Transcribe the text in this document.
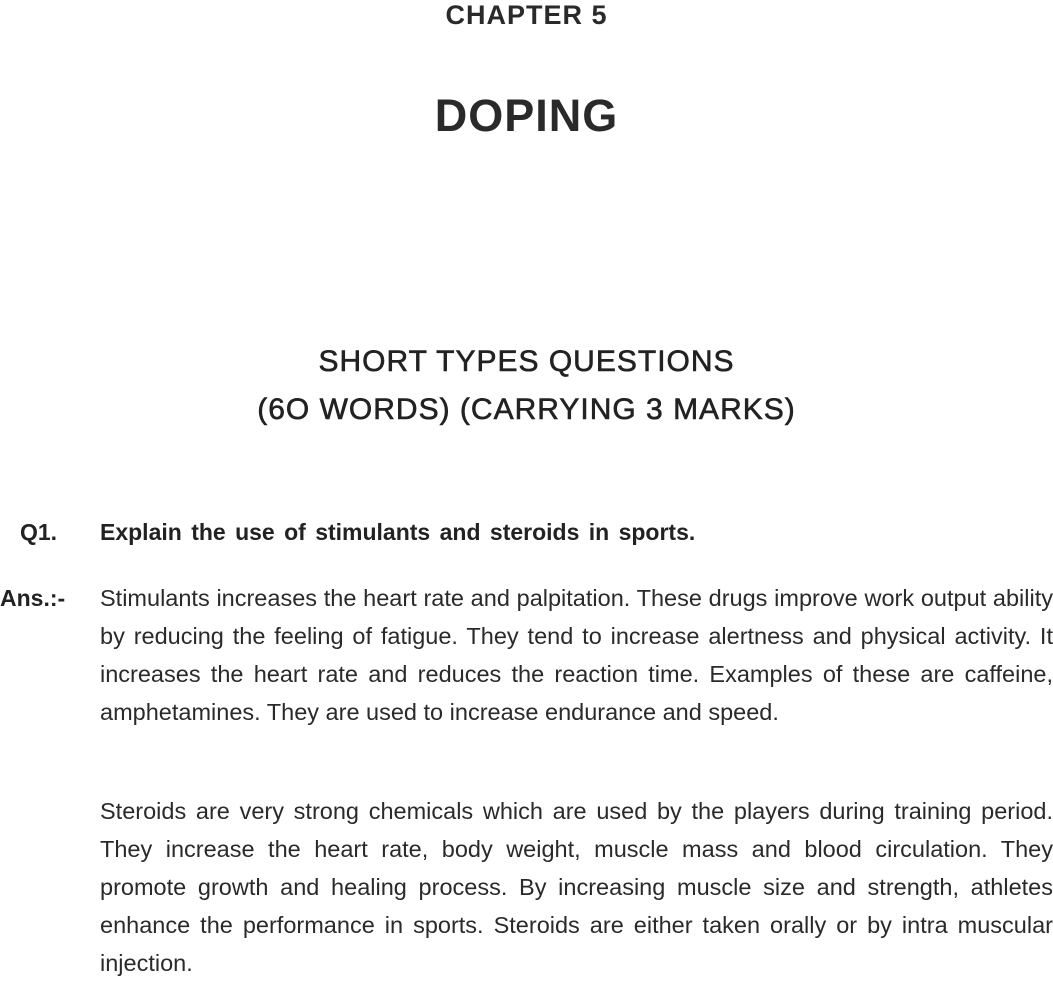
CHAPTER 5
DOPING
SHORT TYPES QUESTIONS
(6O WORDS) (CARRYING 3 MARKS)
Q1. Explain the use of stimulants and steroids in sports.
Ans.:- Stimulants increases the heart rate and palpitation. These drugs improve work output ability by reducing the feeling of fatigue. They tend to increase alertness and physical activity. It increases the heart rate and reduces the reaction time. Examples of these are caffeine, amphetamines. They are used to increase endurance and speed.

Steroids are very strong chemicals which are used by the players during training period. They increase the heart rate, body weight, muscle mass and blood circulation. They promote growth and healing process. By increasing muscle size and strength, athletes enhance the performance in sports. Steroids are either taken orally or by intra muscular injection.
